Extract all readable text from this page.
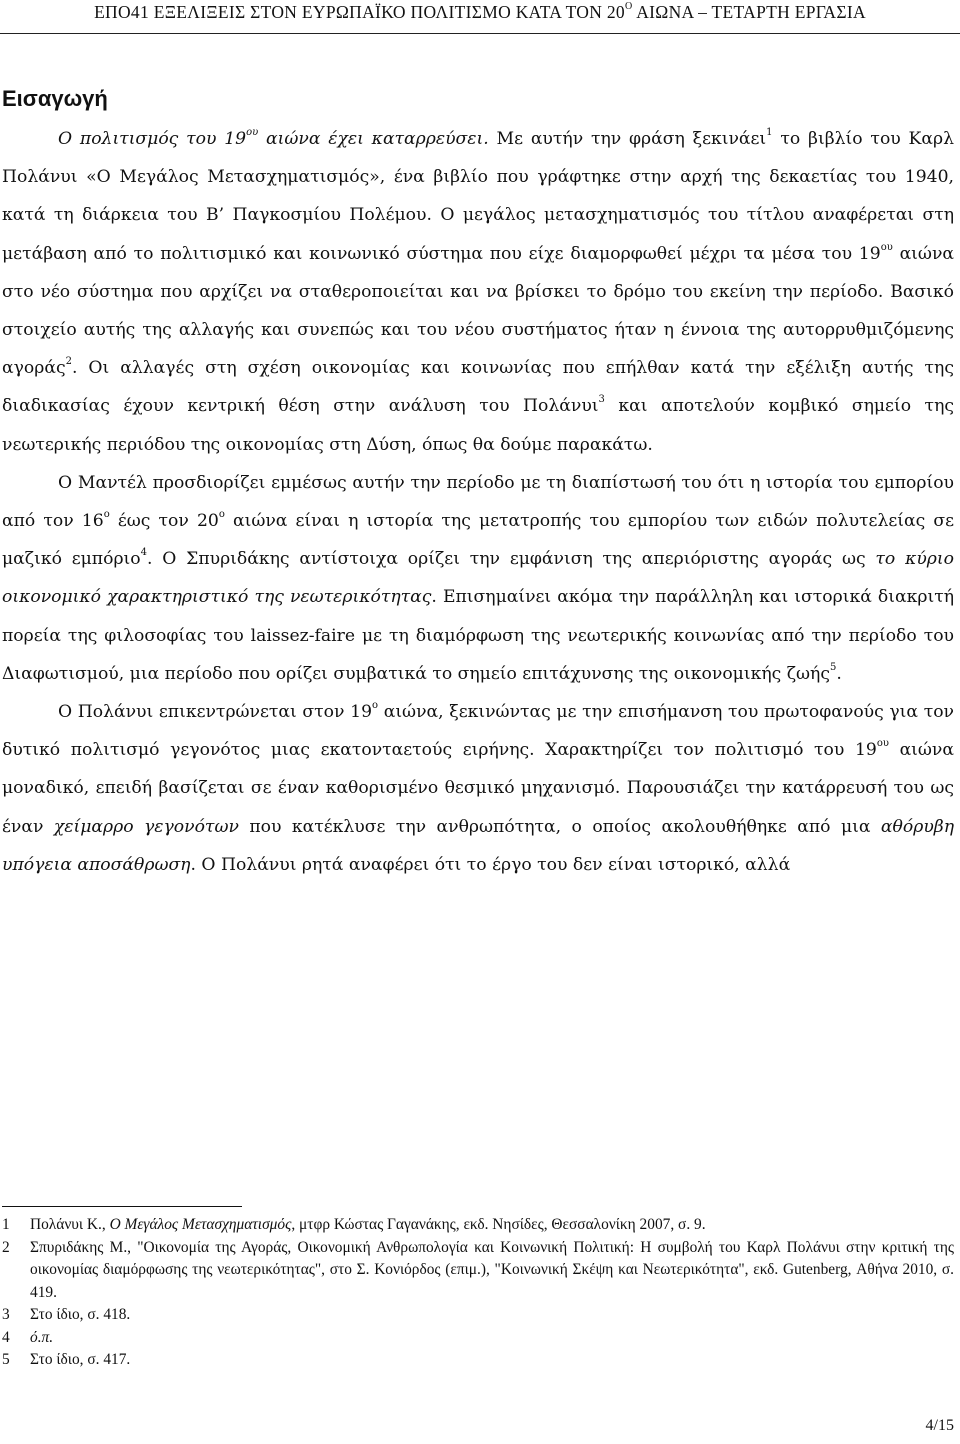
ΕΠΟ41 ΕΞΕΛΙΞΕΙΣ ΣΤΟΝ ΕΥΡΩΠΑΪΚΟ ΠΟΛΙΤΙΣΜΟ ΚΑΤΑ ΤΟΝ $20^O$ ΑΙΩΝΑ – ΤΕΤΑΡΤΗ ΕΡΓΑΣΙΑ
Εισαγωγή

Ο πολιτισμός του $19^{o\upsilon}$ αιώνα έχει καταρρεύσει. Με αυτήν την φράση ξεκινάει$^1$ το βιβλίο του Καρλ Πολάνυι «Ο Μεγάλος Μετασχηματισμός», ένα βιβλίο που γράφτηκε στην αρχή της δεκαετίας του 1940, κατά τη διάρκεια του Β’ Παγκοσμίου Πολέμου. Ο μεγάλος μετασχηματισμός του τίτλου αναφέρεται στη μετάβαση από το πολιτισμικό και κοινωνικό σύστημα που είχε διαμορφωθεί μέχρι τα μέσα του $19^{o\upsilon}$ αιώνα στο νέο σύστημα που αρχίζει να σταθεροποιείται και να βρίσκει το δρόμο του εκείνη την περίοδο. Βασικό στοιχείο αυτής της αλλαγής και συνεπώς και του νέου συστήματος ήταν η έννοια της αυτορρυθμιζόμενης αγοράς$^2$. Οι αλλαγές στη σχέση οικονομίας και κοινωνίας που επήλθαν κατά την εξέλιξη αυτής της διαδικασίας έχουν κεντρική θέση στην ανάλυση του Πολάνυι$^3$ και αποτελούν κομβικό σημείο της νεωτερικής περιόδου της οικονομίας στη Δύση, όπως θα δούμε παρακάτω.

Ο Μαντέλ προσδιορίζει εμμέσως αυτήν την περίοδο με τη διαπίστωσή του ότι η ιστορία του εμπορίου από τον $16^o$ έως τον $20^o$ αιώνα είναι η ιστορία της μετατροπής του εμπορίου των ειδών πολυτελείας σε μαζικό εμπόριο$^4$. Ο Σπυριδάκης αντίστοιχα ορίζει την εμφάνιση της απεριόριστης αγοράς ως το κύριο οικονομικό χαρακτηριστικό της νεωτερικότητας. Επισημαίνει ακόμα την παράλληλη και ιστορικά διακριτή πορεία της φιλοσοφίας του laissez-faire με τη διαμόρφωση της νεωτερικής κοινωνίας από την περίοδο του Διαφωτισμού, μια περίοδο που ορίζει συμβατικά το σημείο επιτάχυνσης της οικονομικής ζωής$^5$.

Ο Πολάνυι επικεντρώνεται στον $19^o$ αιώνα, ξεκινώντας με την επισήμανση του πρωτοφανούς για τον δυτικό πολιτισμό γεγονότος μιας εκατονταετούς ειρήνης. Χαρακτηρίζει τον πολιτισμό του $19^{o\upsilon}$ αιώνα μοναδικό, επειδή βασίζεται σε έναν καθορισμένο θεσμικό μηχανισμό. Παρουσιάζει την κατάρρευσή του ως έναν χείμαρρο γεγονότων που κατέκλυσε την ανθρωπότητα, ο οποίος ακολουθήθηκε από μια αθόρυβη υπόγεια αποσάθρωση. Ο Πολάνυι ρητά αναφέρει ότι το έργο του δεν είναι ιστορικό, αλλά

1	Πολάνυι Κ., Ο Μεγάλος Μετασχηματισμός, μτφρ Κώστας Γαγανάκης, εκδ. Νησίδες, Θεσσαλονίκη 2007, σ. 9.
2	Σπυριδάκης Μ., "Οικονομία της Αγοράς, Οικονομική Ανθρωπολογία και Κοινωνική Πολιτική: Η συμβολή του Καρλ Πολάνυι στην κριτική της οικονομίας διαμόρφωσης της νεωτερικότητας", στο Σ. Κονιόρδος (επιμ.), "Κοινωνική Σκέψη και Νεωτερικότητα", εκδ. Gutenberg, Αθήνα 2010, σ. 419.
3	Στο ίδιο, σ. 418.
4	ό.π.
5	Στο ίδιο, σ. 417.
4/15
